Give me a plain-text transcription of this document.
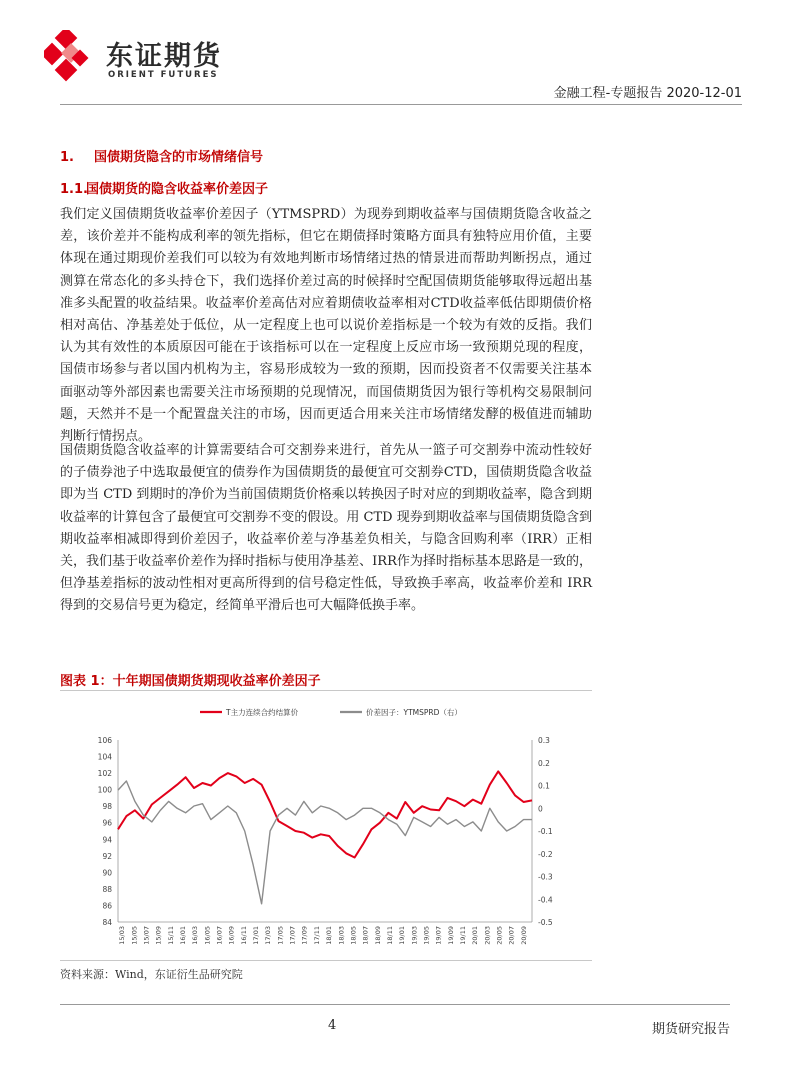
东证期货
ORIENT FUTURES
金融工程-专题报告 2020-12-01
1. 国债期货隐含的市场情绪信号
1.1.国债期货的隐含收益率价差因子

我们定义国债期货收益率价差因子（YTMSPRD）为现券到期收益率与国债期货隐含收益之差，该价差并不能构成利率的领先指标，但它在期债择时策略方面具有独特应用价值，主要体现在通过期现价差我们可以较为有效地判断市场情绪过热的情景进而帮助判断拐点，通过测算在常态化的多头持仓下，我们选择价差过高的时候择时空配国债期货能够取得远超出基准多头配置的收益结果。收益率价差高估对应着期债收益率相对CTD收益率低估即期债价格相对高估、净基差处于低位，从一定程度上也可以说价差指标是一个较为有效的反指。我们认为其有效性的本质原因可能在于该指标可以在一定程度上反应市场一致预期兑现的程度，国债市场参与者以国内机构为主，容易形成较为一致的预期，因而投资者不仅需要关注基本面驱动等外部因素也需要关注市场预期的兑现情况，而国债期货因为银行等机构交易限制问题，天然并不是一个配置盘关注的市场，因而更适合用来关注市场情绪发酵的极值进而辅助判断行情拐点。

国债期货隐含收益率的计算需要结合可交割券来进行，首先从一篮子可交割券中流动性较好的子债券池子中选取最便宜的债券作为国债期货的最便宜可交割券CTD，国债期货隐含收益即为当 CTD 到期时的净价为当前国债期货价格乘以转换因子时对应的到期收益率，隐含到期收益率的计算包含了最便宜可交割券不变的假设。用 CTD 现券到期收益率与国债期货隐含到期收益率相减即得到价差因子，收益率价差与净基差负相关，与隐含回购利率（IRR）正相关，我们基于收益率价差作为择时指标与使用净基差、IRR作为择时指标基本思路是一致的，但净基差指标的波动性相对更高所得到的信号稳定性低，导致换手率高，收益率价差和 IRR 得到的交易信号更为稳定，经简单平滑后也可大幅降低换手率。

图表 1：十年期国债期货期现收益率价差因子
84
86
88
90
92
94
96
98
100
102
104
106
-0.5
-0.4
-0.3
-0.2
-0.1
0
0.1
0.2
0.3
15/03 15/05 15/07 15/09 15/11 16/01 16/03 16/05 16/07 16/09 16/11 17/01 17/03 17/05 17/07 17/09 17/11 18/01 18/03 18/05 18/07 18/09 18/11 19/01 19/03 19/05 19/07 19/09 19/11 20/01 20/03 20/05 20/07 20/09
T主力连续合约结算价	价差因子：YTMSPRD（右）
资料来源：Wind，东证衍生品研究院
4	期货研究报告
